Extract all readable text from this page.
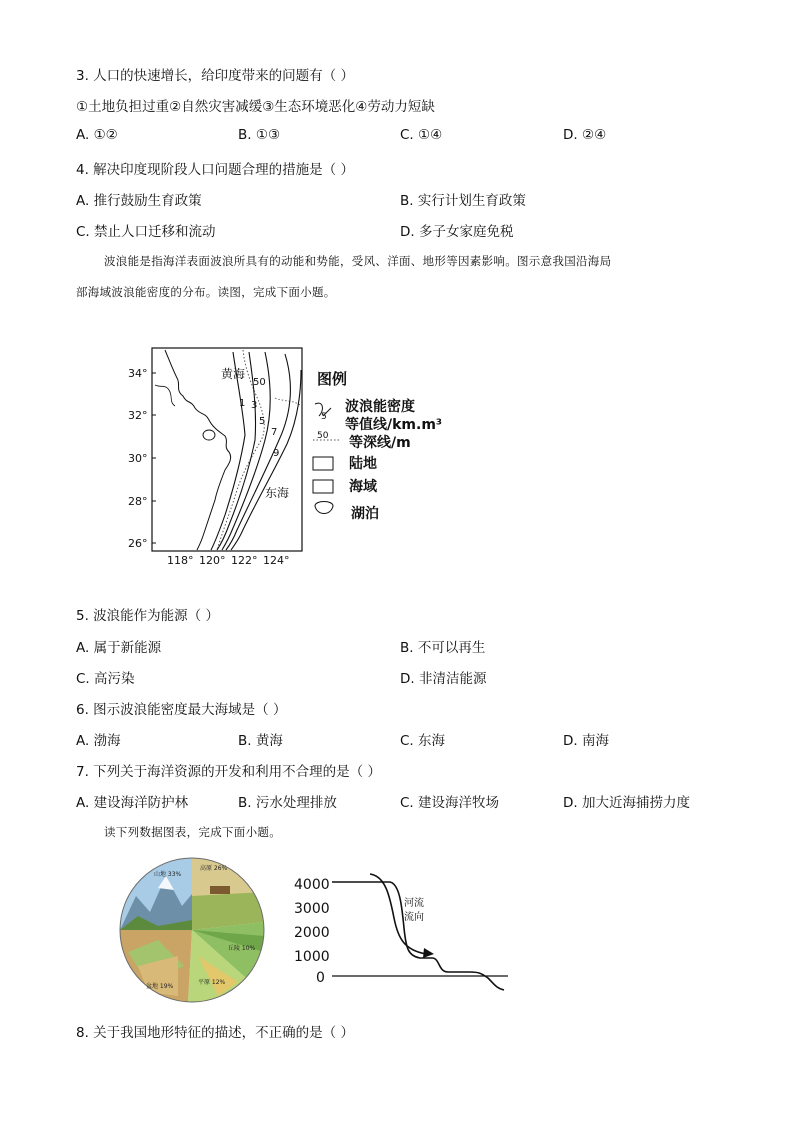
3. 人口的快速增长，给印度带来的问题有（ ）
①土地负担过重②自然灾害减缓③生态环境恶化④劳动力短缺
A. ①②	B. ①③	C. ①④	D. ②④
4. 解决印度现阶段人口问题合理的措施是（ ）
A. 推行鼓励生育政策	B. 实行计划生育政策
C. 禁止人口迁移和流动	D. 多子女家庭免税
波浪能是指海洋表面波浪所具有的动能和势能，受风、洋面、地形等因素影响。图示意我国沿海局
部海域波浪能密度的分布。读图，完成下面小题。
34°
32°
30°
28°
26°
118° 120° 122° 124°
50
1 3
5
7
9
黄海
东海
图例
5
波浪能密度
等值线/km.m³
50 等深线/m
陆地
海域
湖泊
5. 波浪能作为能源（ ）
A. 属于新能源	B. 不可以再生
C. 高污染	D. 非清洁能源
6. 图示波浪能密度最大海域是（ ）
A. 渤海	B. 黄海	C. 东海	D. 南海
7. 下列关于海洋资源的开发和利用不合理的是（ ）
A. 建设海洋防护林	B. 污水处理排放	C. 建设海洋牧场	D. 加大近海捕捞力度
读下列数据图表，完成下面小题。
山地 33%
高原 26%
丘陵 10%
平原 12%
盆地 19%
4000
3000
2000
1000
0
河流
流向
8. 关于我国地形特征的描述，不正确的是（ ）
